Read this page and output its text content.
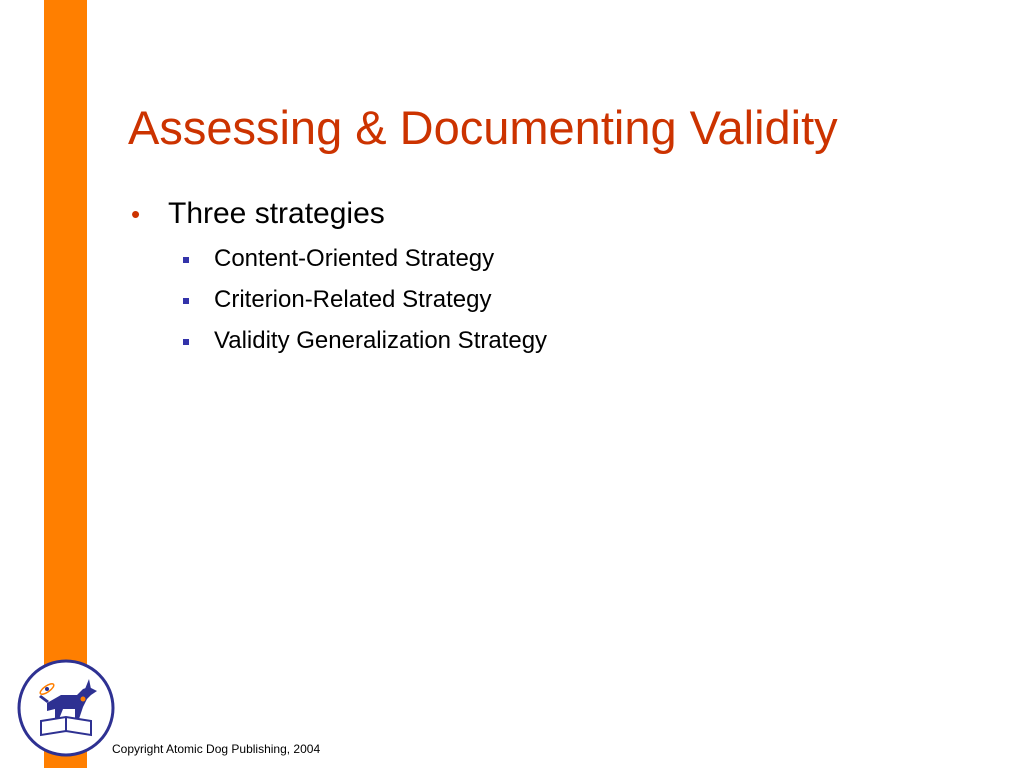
Assessing & Documenting Validity
• Three strategies
Content-Oriented Strategy
Criterion-Related Strategy
Validity Generalization Strategy
Copyright Atomic Dog Publishing, 2004
